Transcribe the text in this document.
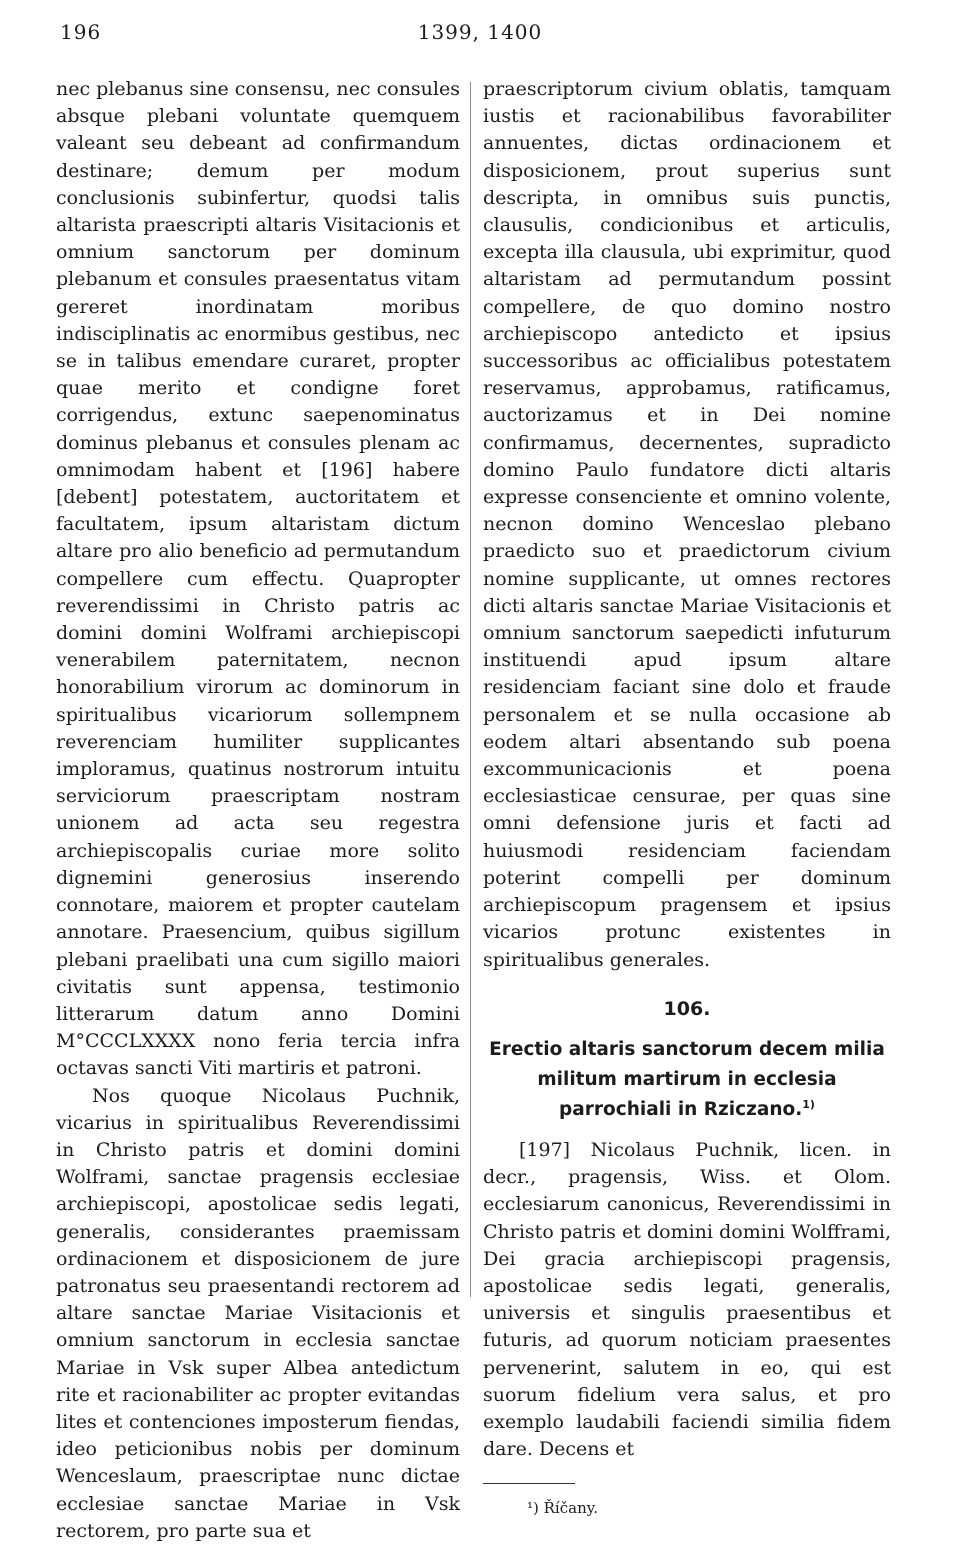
196	1399, 1400

nec plebanus sine consensu, nec consules absque plebani voluntate quemquem valeant seu debeant ad confirmandum destinare; demum per modum conclusionis subinfertur, quodsi talis altarista praescripti altaris Visitacionis et omnium sanctorum per dominum plebanum et consules praesentatus vitam gereret inordinatam moribus indisciplinatis ac enormibus gestibus, nec se in talibus emendare curaret, propter quae merito et condigne foret corrigendus, extunc saepenominatus dominus plebanus et consules plenam ac omnimodam habent et [196] habere [debent] potestatem, auctoritatem et facultatem, ipsum altaristam dictum altare pro alio beneficio ad permutandum compellere cum effectu. Quapropter reverendissimi in Christo patris ac domini domini Wolframi archiepiscopi venerabilem paternitatem, necnon honorabilium virorum ac dominorum in spiritualibus vicariorum sollempnem reverenciam humiliter supplicantes imploramus, quatinus nostrorum intuitu serviciorum praescriptam nostram unionem ad acta seu regestra archiepiscopalis curiae more solito dignemini generosius inserendo connotare, maiorem et propter cautelam annotare. Praesencium, quibus sigillum plebani praelibati una cum sigillo maiori civitatis sunt appensa, testimonio litterarum datum anno Domini M°CCCLXXXX nono feria tercia infra octavas sancti Viti martiris et patroni.

Nos quoque Nicolaus Puchnik, vicarius in spiritualibus Reverendissimi in Christo patris et domini domini Wolframi, sanctae pragensis ecclesiae archiepiscopi, apostolicae sedis legati, generalis, considerantes praemissam ordinacionem et disposicionem de jure patronatus seu praesentandi rectorem ad altare sanctae Mariae Visitacionis et omnium sanctorum in ecclesia sanctae Mariae in Vsk super Albea antedictum rite et racionabiliter ac propter evitandas lites et contenciones imposterum fiendas, ideo peticionibus nobis per dominum Wenceslaum, praescriptae nunc dictae ecclesiae sanctae Mariae in Vsk rectorem, pro parte sua et

praescriptorum civium oblatis, tamquam iustis et racionabilibus favorabiliter annuentes, dictas ordinacionem et disposicionem, prout superius sunt descripta, in omnibus suis punctis, clausulis, condicionibus et articulis, excepta illa clausula, ubi exprimitur, quod altaristam ad permutandum possint compellere, de quo domino nostro archiepiscopo antedicto et ipsius successoribus ac officialibus potestatem reservamus, approbamus, ratificamus, auctorizamus et in Dei nomine confirmamus, decernentes, supradicto domino Paulo fundatore dicti altaris expresse consenciente et omnino volente, necnon domino Wenceslao plebano praedicto suo et praedictorum civium nomine supplicante, ut omnes rectores dicti altaris sanctae Mariae Visitacionis et omnium sanctorum saepedicti infuturum instituendi apud ipsum altare residenciam faciant sine dolo et fraude personalem et se nulla occasione ab eodem altari absentando sub poena excommunicacionis et poena ecclesiasticae censurae, per quas sine omni defensione juris et facti ad huiusmodi residenciam faciendam poterint compelli per dominum archiepiscopum pragensem et ipsius vicarios protunc existentes in spiritualibus generales.

106.
Erectio altaris sanctorum decem milia militum martirum in ecclesia parrochiali in Rziczano.$^{1)}$

[197] Nicolaus Puchnik, licen. in decr., pragensis, Wiss. et Olom. ecclesiarum canonicus, Reverendissimi in Christo patris et domini domini Wolfframi, Dei gracia archiepiscopi pragensis, apostolicae sedis legati, generalis, universis et singulis praesentibus et futuris, ad quorum noticiam praesentes pervenerint, salutem in eo, qui est suorum fidelium vera salus, et pro exemplo laudabili faciendi similia fidem dare. Decens et

¹) Říčany.
